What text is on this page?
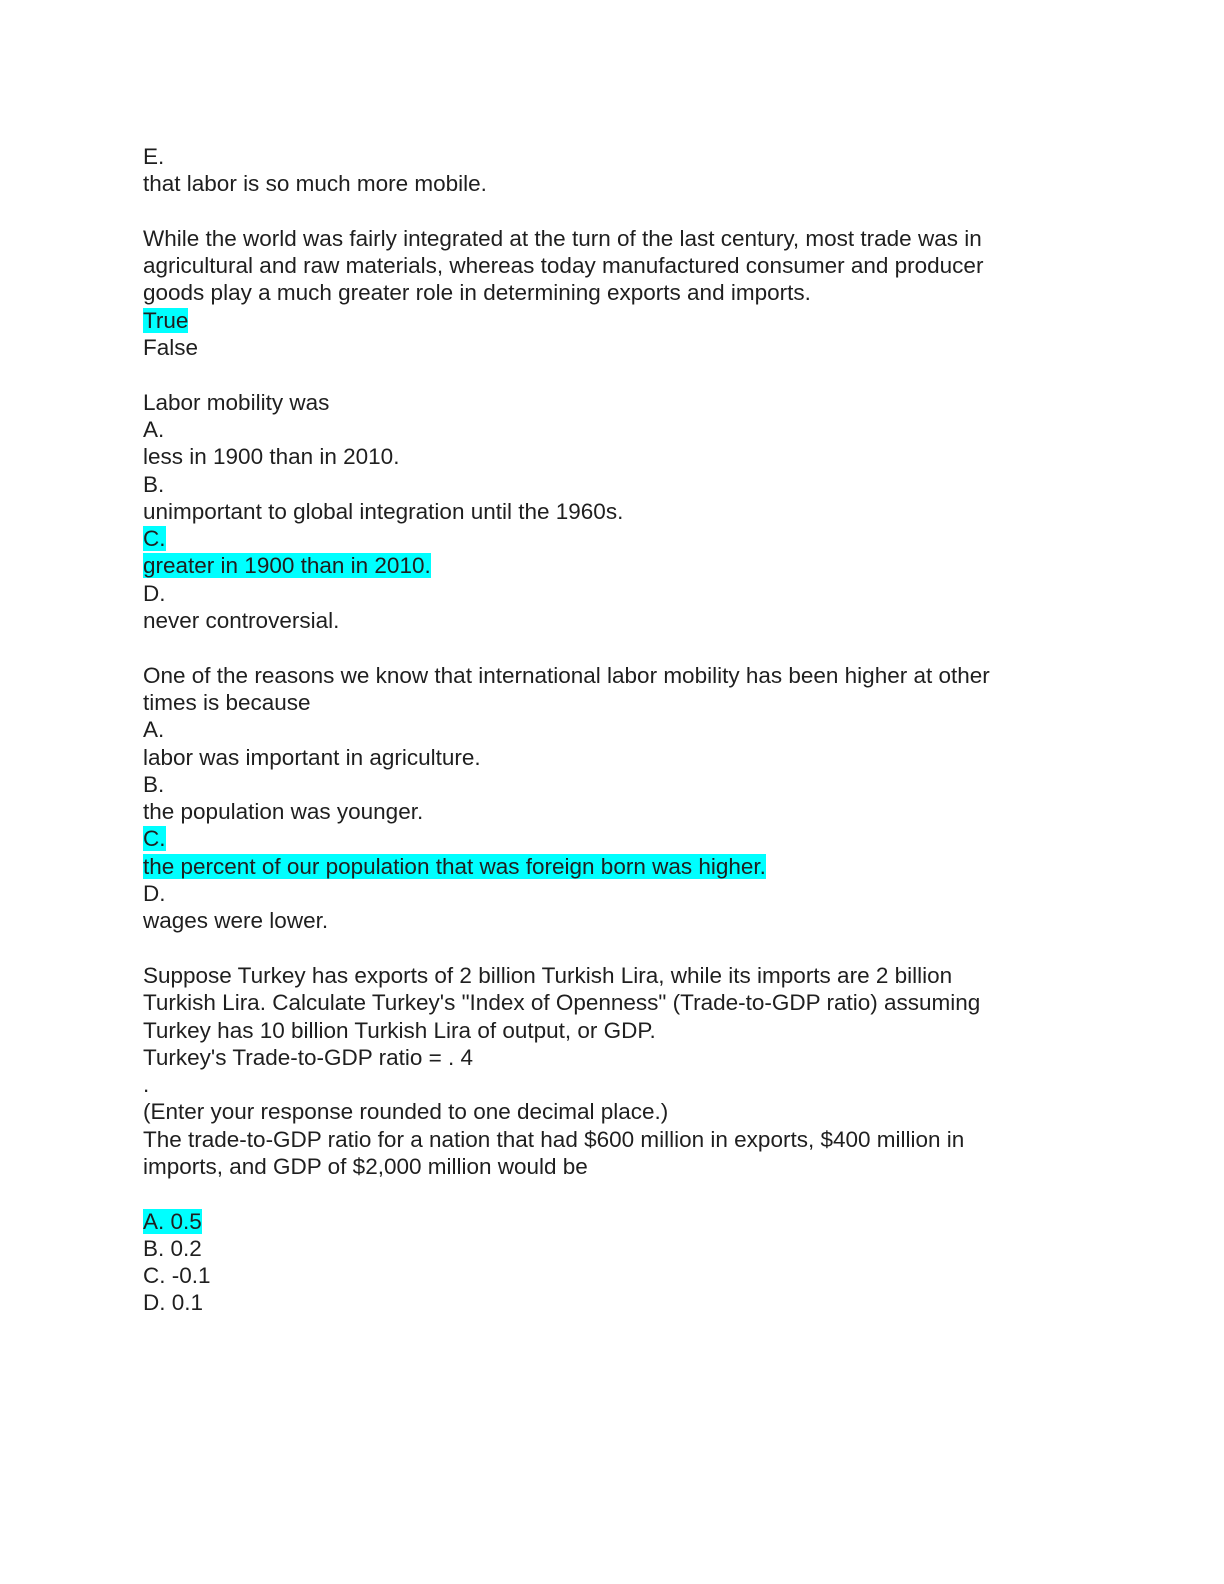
E.
that labor is so much more mobile.
While the world was fairly integrated at the turn of the last century, most trade was in
agricultural and raw materials, whereas today manufactured consumer and producer
goods play a much greater role in determining exports and imports.
True
False
Labor mobility was
A.
less in 1900 than in 2010.
B.
unimportant to global integration until the 1960s.
C.
greater in 1900 than in 2010.
D.
never controversial.
One of the reasons we know that international labor mobility has been higher at other
times is because
A.
labor was important in agriculture.
B.
the population was younger.
C.
the percent of our population that was foreign born was higher.
D.
wages were lower.
Suppose Turkey has exports of 2 billion Turkish Lira, while its imports are 2 billion
Turkish Lira. Calculate Turkey's "Index of Openness" (Trade-to-GDP ratio) assuming
Turkey has 10 billion Turkish Lira of output, or GDP.
Turkey's Trade-to-GDP ratio = . 4
.
(Enter your response rounded to one decimal place.)
The trade-to-GDP ratio for a nation that had $600 million in exports, $400 million in
imports, and GDP of $2,000 million would be
A. 0.5
B. 0.2
C. -0.1
D. 0.1
